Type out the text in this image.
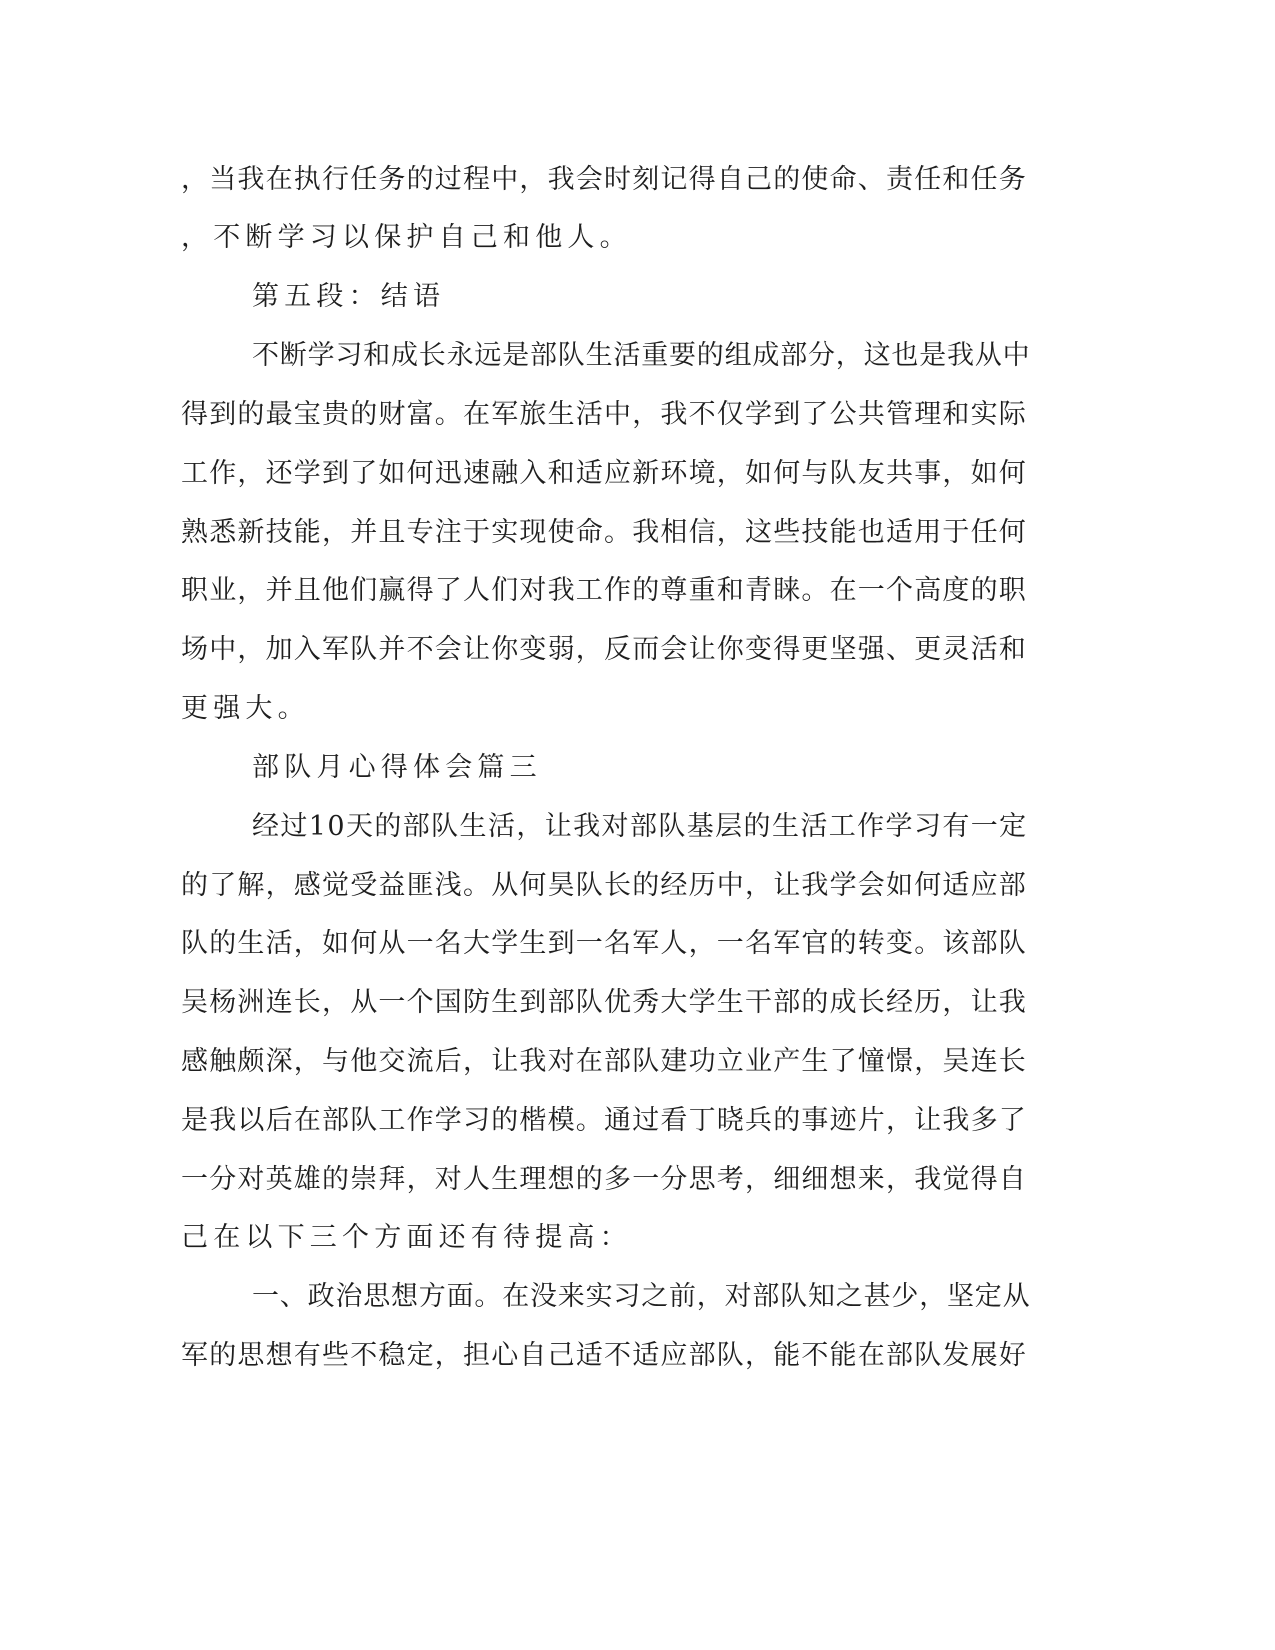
，当我在执行任务的过程中，我会时刻记得自己的使命、责任和任务
，不断学习以保护自己和他人。
第五段：结语
不断学习和成长永远是部队生活重要的组成部分，这也是我从中
得到的最宝贵的财富。在军旅生活中，我不仅学到了公共管理和实际
工作，还学到了如何迅速融入和适应新环境，如何与队友共事，如何
熟悉新技能，并且专注于实现使命。我相信，这些技能也适用于任何
职业，并且他们赢得了人们对我工作的尊重和青睐。在一个高度的职
场中，加入军队并不会让你变弱，反而会让你变得更坚强、更灵活和
更强大。
部队月心得体会篇三
经过10天的部队生活，让我对部队基层的生活工作学习有一定
的了解，感觉受益匪浅。从何昊队长的经历中，让我学会如何适应部
队的生活，如何从一名大学生到一名军人，一名军官的转变。该部队
吴杨洲连长，从一个国防生到部队优秀大学生干部的成长经历，让我
感触颇深，与他交流后，让我对在部队建功立业产生了憧憬，吴连长
是我以后在部队工作学习的楷模。通过看丁晓兵的事迹片，让我多了
一分对英雄的崇拜，对人生理想的多一分思考，细细想来，我觉得自
己在以下三个方面还有待提高：
一、政治思想方面。在没来实习之前，对部队知之甚少，坚定从
军的思想有些不稳定，担心自己适不适应部队，能不能在部队发展好
